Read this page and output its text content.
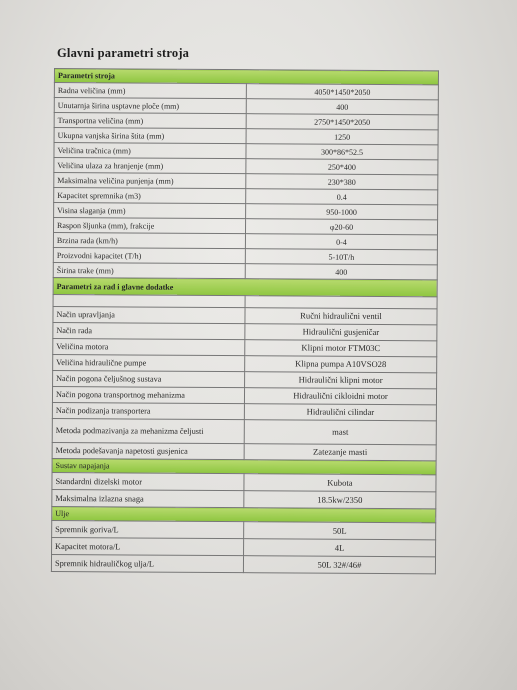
Glavni parametri stroja
Parametri stroja	
Radna veličina (mm)	4050*1450*2050
Unutarnja širina usptavne ploče (mm)	400
Transportna veličina (mm)	2750*1450*2050
Ukupna vanjska širina štita (mm)	1250
Veličina tračnica (mm)	300*86*52.5
Veličina ulaza za hranjenje (mm)	250*400
Maksimalna veličina punjenja (mm)	230*380
Kapacitet spremnika (m3)	0.4
Visina slaganja (mm)	950-1000
Raspon šljunka (mm), frakcije	φ20-60
Brzina rada (km/h)	0-4
Proizvodni kapacitet (T/h)	5-10T/h
Širina trake (mm)	400
Parametri za rad i glavne dodatke	

Način upravljanja	Ručni hidraulični ventil
Način rada	Hidraulični gusjeničar
Veličina motora	Klipni motor FTM03C
Veličina hidraulične pumpe	Klipna pumpa A10VSO28
Način pogona čeljušnog sustava	Hidraulični klipni motor
Način pogona transportnog mehanizma	Hidraulični cikloidni motor
Način podizanja transportera	Hidraulični cilindar
Metoda podmazivanja za mehanizma čeljusti	mast
Metoda podešavanja napetosti gusjenica	Zatezanje masti
Sustav napajanja	
Standardni dizelski motor	Kubota
Maksimalna izlazna snaga	18.5kw/2350
Ulje	
Spremnik goriva/L	50L
Kapacitet motora/L	4L
Spremnik hidrauličkog ulja/L	50L 32#/46#
